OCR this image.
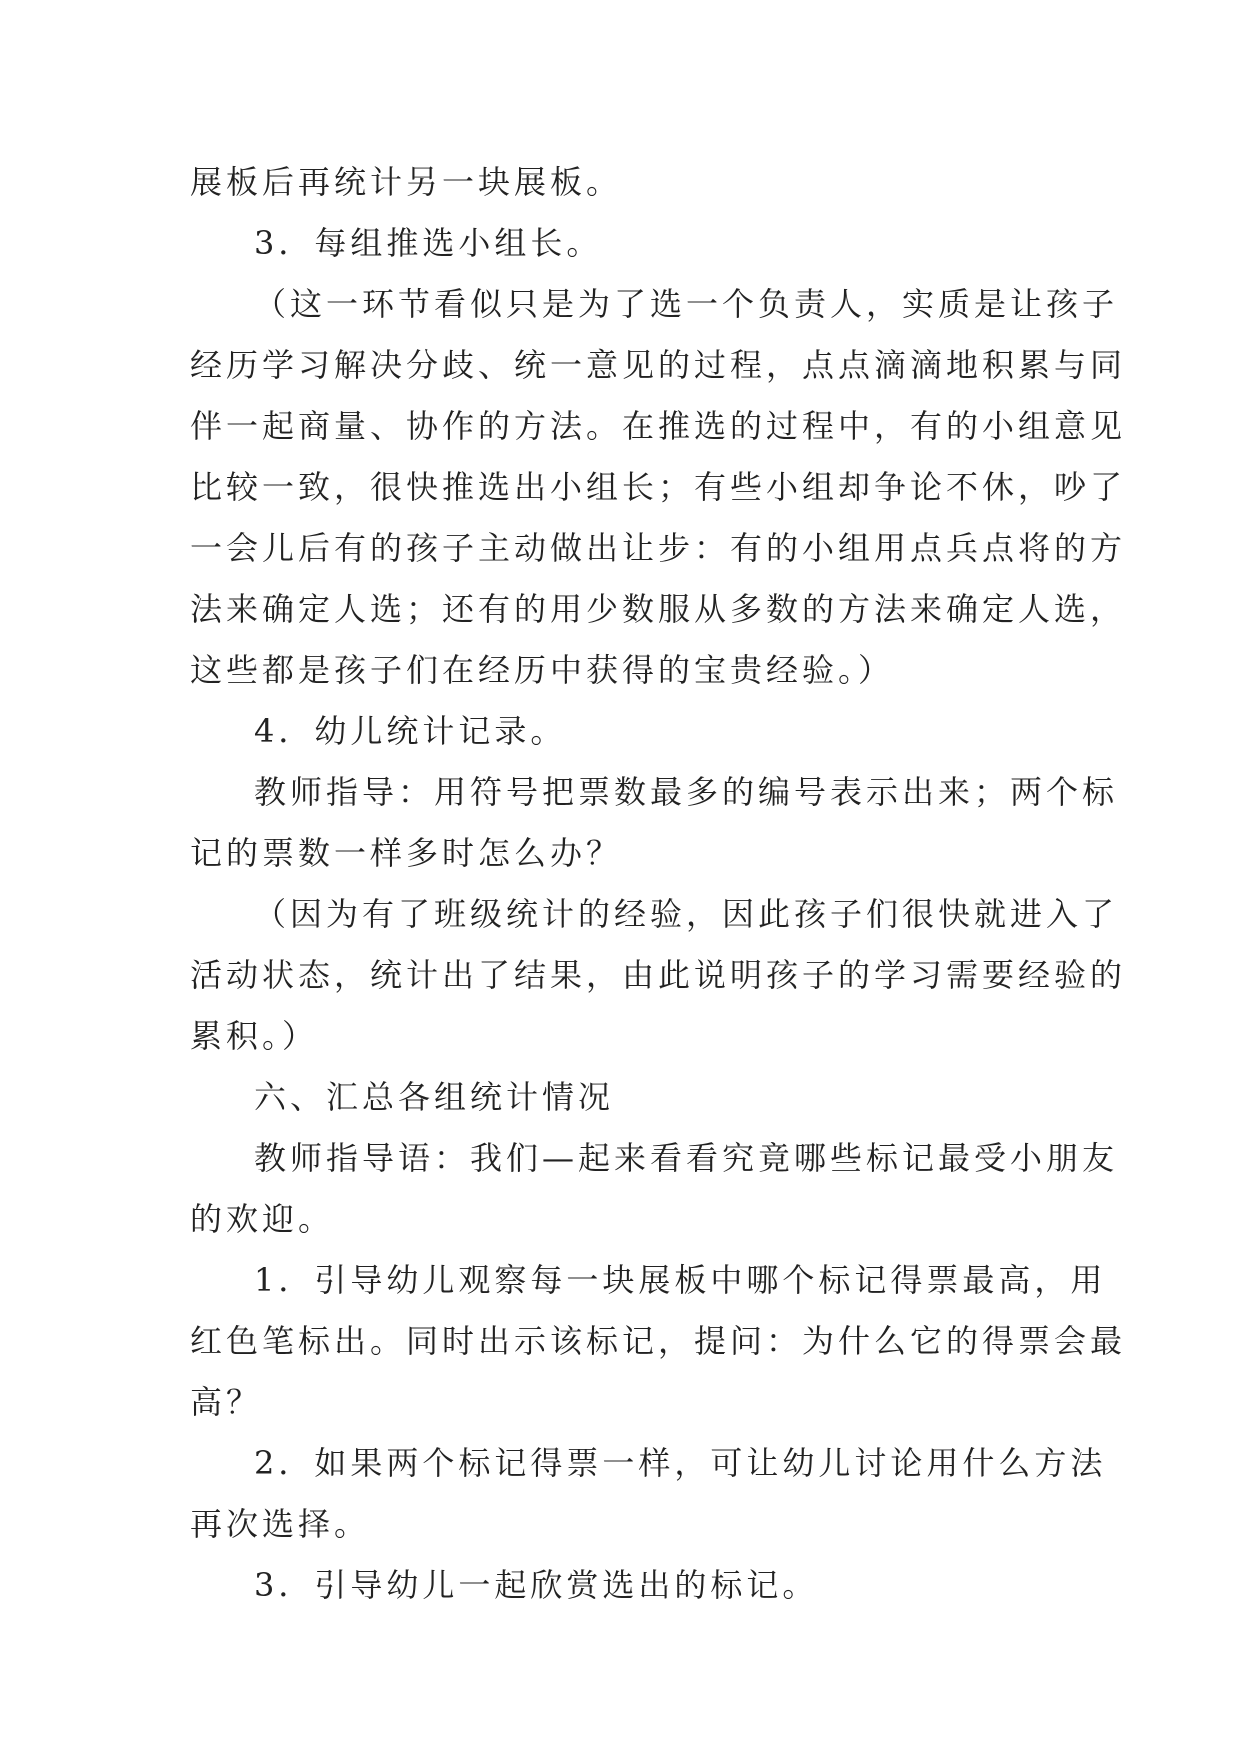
展板后再统计另一块展板。
3．每组推选小组长。
（这一环节看似只是为了选一个负责人，实质是让孩子
经历学习解决分歧、统一意见的过程，点点滴滴地积累与同
伴一起商量、协作的方法。在推选的过程中，有的小组意见
比较一致，很快推选出小组长；有些小组却争论不休，吵了
一会儿后有的孩子主动做出让步：有的小组用点兵点将的方
法来确定人选；还有的用少数服从多数的方法来确定人选，
这些都是孩子们在经历中获得的宝贵经验。）
4．幼儿统计记录。
教师指导：用符号把票数最多的编号表示出来；两个标
记的票数一样多时怎么办？
（因为有了班级统计的经验，因此孩子们很快就进入了
活动状态，统计出了结果，由此说明孩子的学习需要经验的
累积。）
六、汇总各组统计情况
教师指导语：我们—起来看看究竟哪些标记最受小朋友
的欢迎。
1．引导幼儿观察每一块展板中哪个标记得票最高，用
红色笔标出。同时出示该标记，提问：为什么它的得票会最
高？
2．如果两个标记得票一样，可让幼儿讨论用什么方法
再次选择。
3．引导幼儿一起欣赏选出的标记。
